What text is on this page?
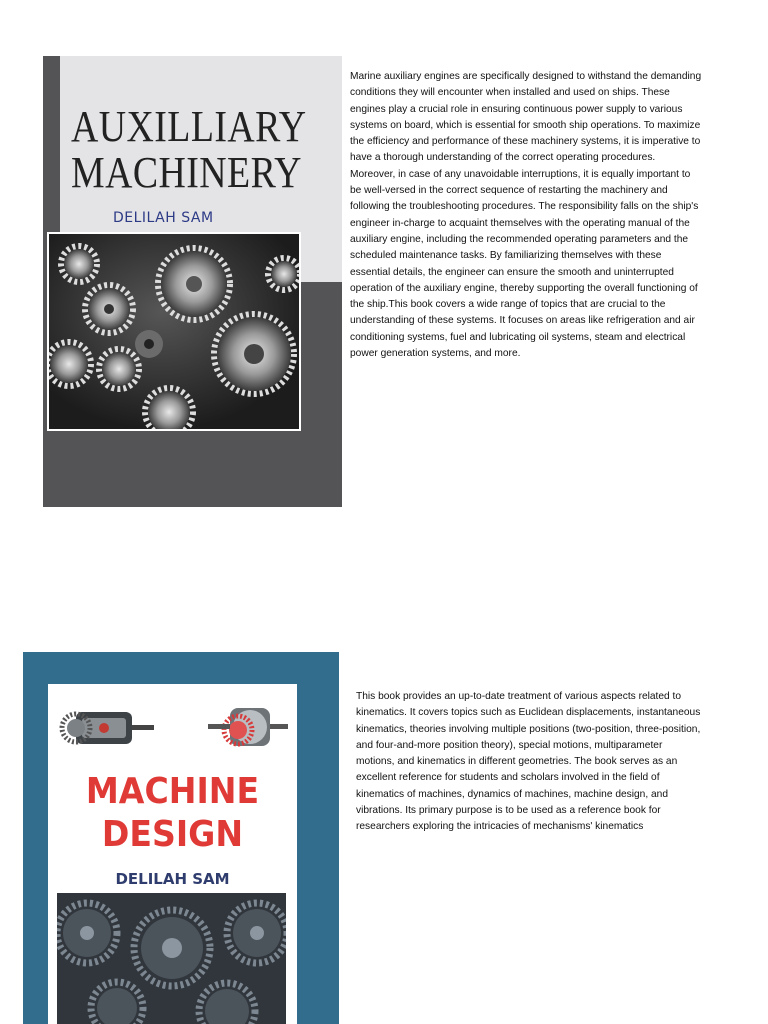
AUXILLIARY
MACHINERY
DELILAH SAM

Marine auxiliary engines are specifically designed to withstand the demanding conditions they will encounter when installed and used on ships. These engines play a crucial role in ensuring continuous power supply to various systems on board, which is essential for smooth ship operations. To maximize the efficiency and performance of these machinery systems, it is imperative to have a thorough understanding of the correct operating procedures. Moreover, in case of any unavoidable interruptions, it is equally important to be well-versed in the correct sequence of restarting the machinery and following the troubleshooting procedures. The responsibility falls on the ship's engineer in-charge to acquaint themselves with the operating manual of the auxiliary engine, including the recommended operating parameters and the scheduled maintenance tasks. By familiarizing themselves with these essential details, the engineer can ensure the smooth and uninterrupted operation of the auxiliary engine, thereby supporting the overall functioning of the ship.This book covers a wide range of topics that are crucial to the understanding of these systems. It focuses on areas like refrigeration and air conditioning systems, fuel and lubricating oil systems, steam and electrical power generation systems, and more.

MACHINE
DESIGN
DELILAH SAM

This book provides an up-to-date treatment of various aspects related to kinematics. It covers topics such as Euclidean displacements, instantaneous kinematics, theories involving multiple positions (two-position, three-position, and four-and-more position theory), special motions, multiparameter motions, and kinematics in different geometries. The book serves as an excellent reference for students and scholars involved in the field of kinematics of machines, dynamics of machines, machine design, and vibrations. Its primary purpose is to be used as a reference book for researchers exploring the intricacies of mechanisms' kinematics
